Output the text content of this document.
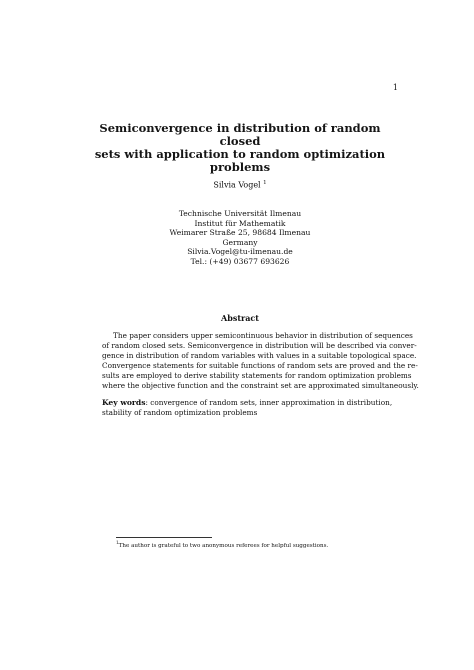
1
Semiconvergence in distribution of random closed
sets with application to random optimization
problems
Silvia Vogel $^1$
Technische Universität Ilmenau
Institut für Mathematik
Weimarer Straße 25, 98684 Ilmenau
Germany
Silvia.Vogel@tu-ilmenau.de
Tel.: (+49) 03677 693626
Abstract
The paper considers upper semicontinuous behavior in distribution of sequences
of random closed sets. Semiconvergence in distribution will be described via conver-
gence in distribution of random variables with values in a suitable topological space.
Convergence statements for suitable functions of random sets are proved and the re-
sults are employed to derive stability statements for random optimization problems
where the objective function and the constraint set are approximated simultaneously.
Key words: convergence of random sets, inner approximation in distribution,
stability of random optimization problems
$^1$The author is grateful to two anonymous referees for helpful suggestions.
